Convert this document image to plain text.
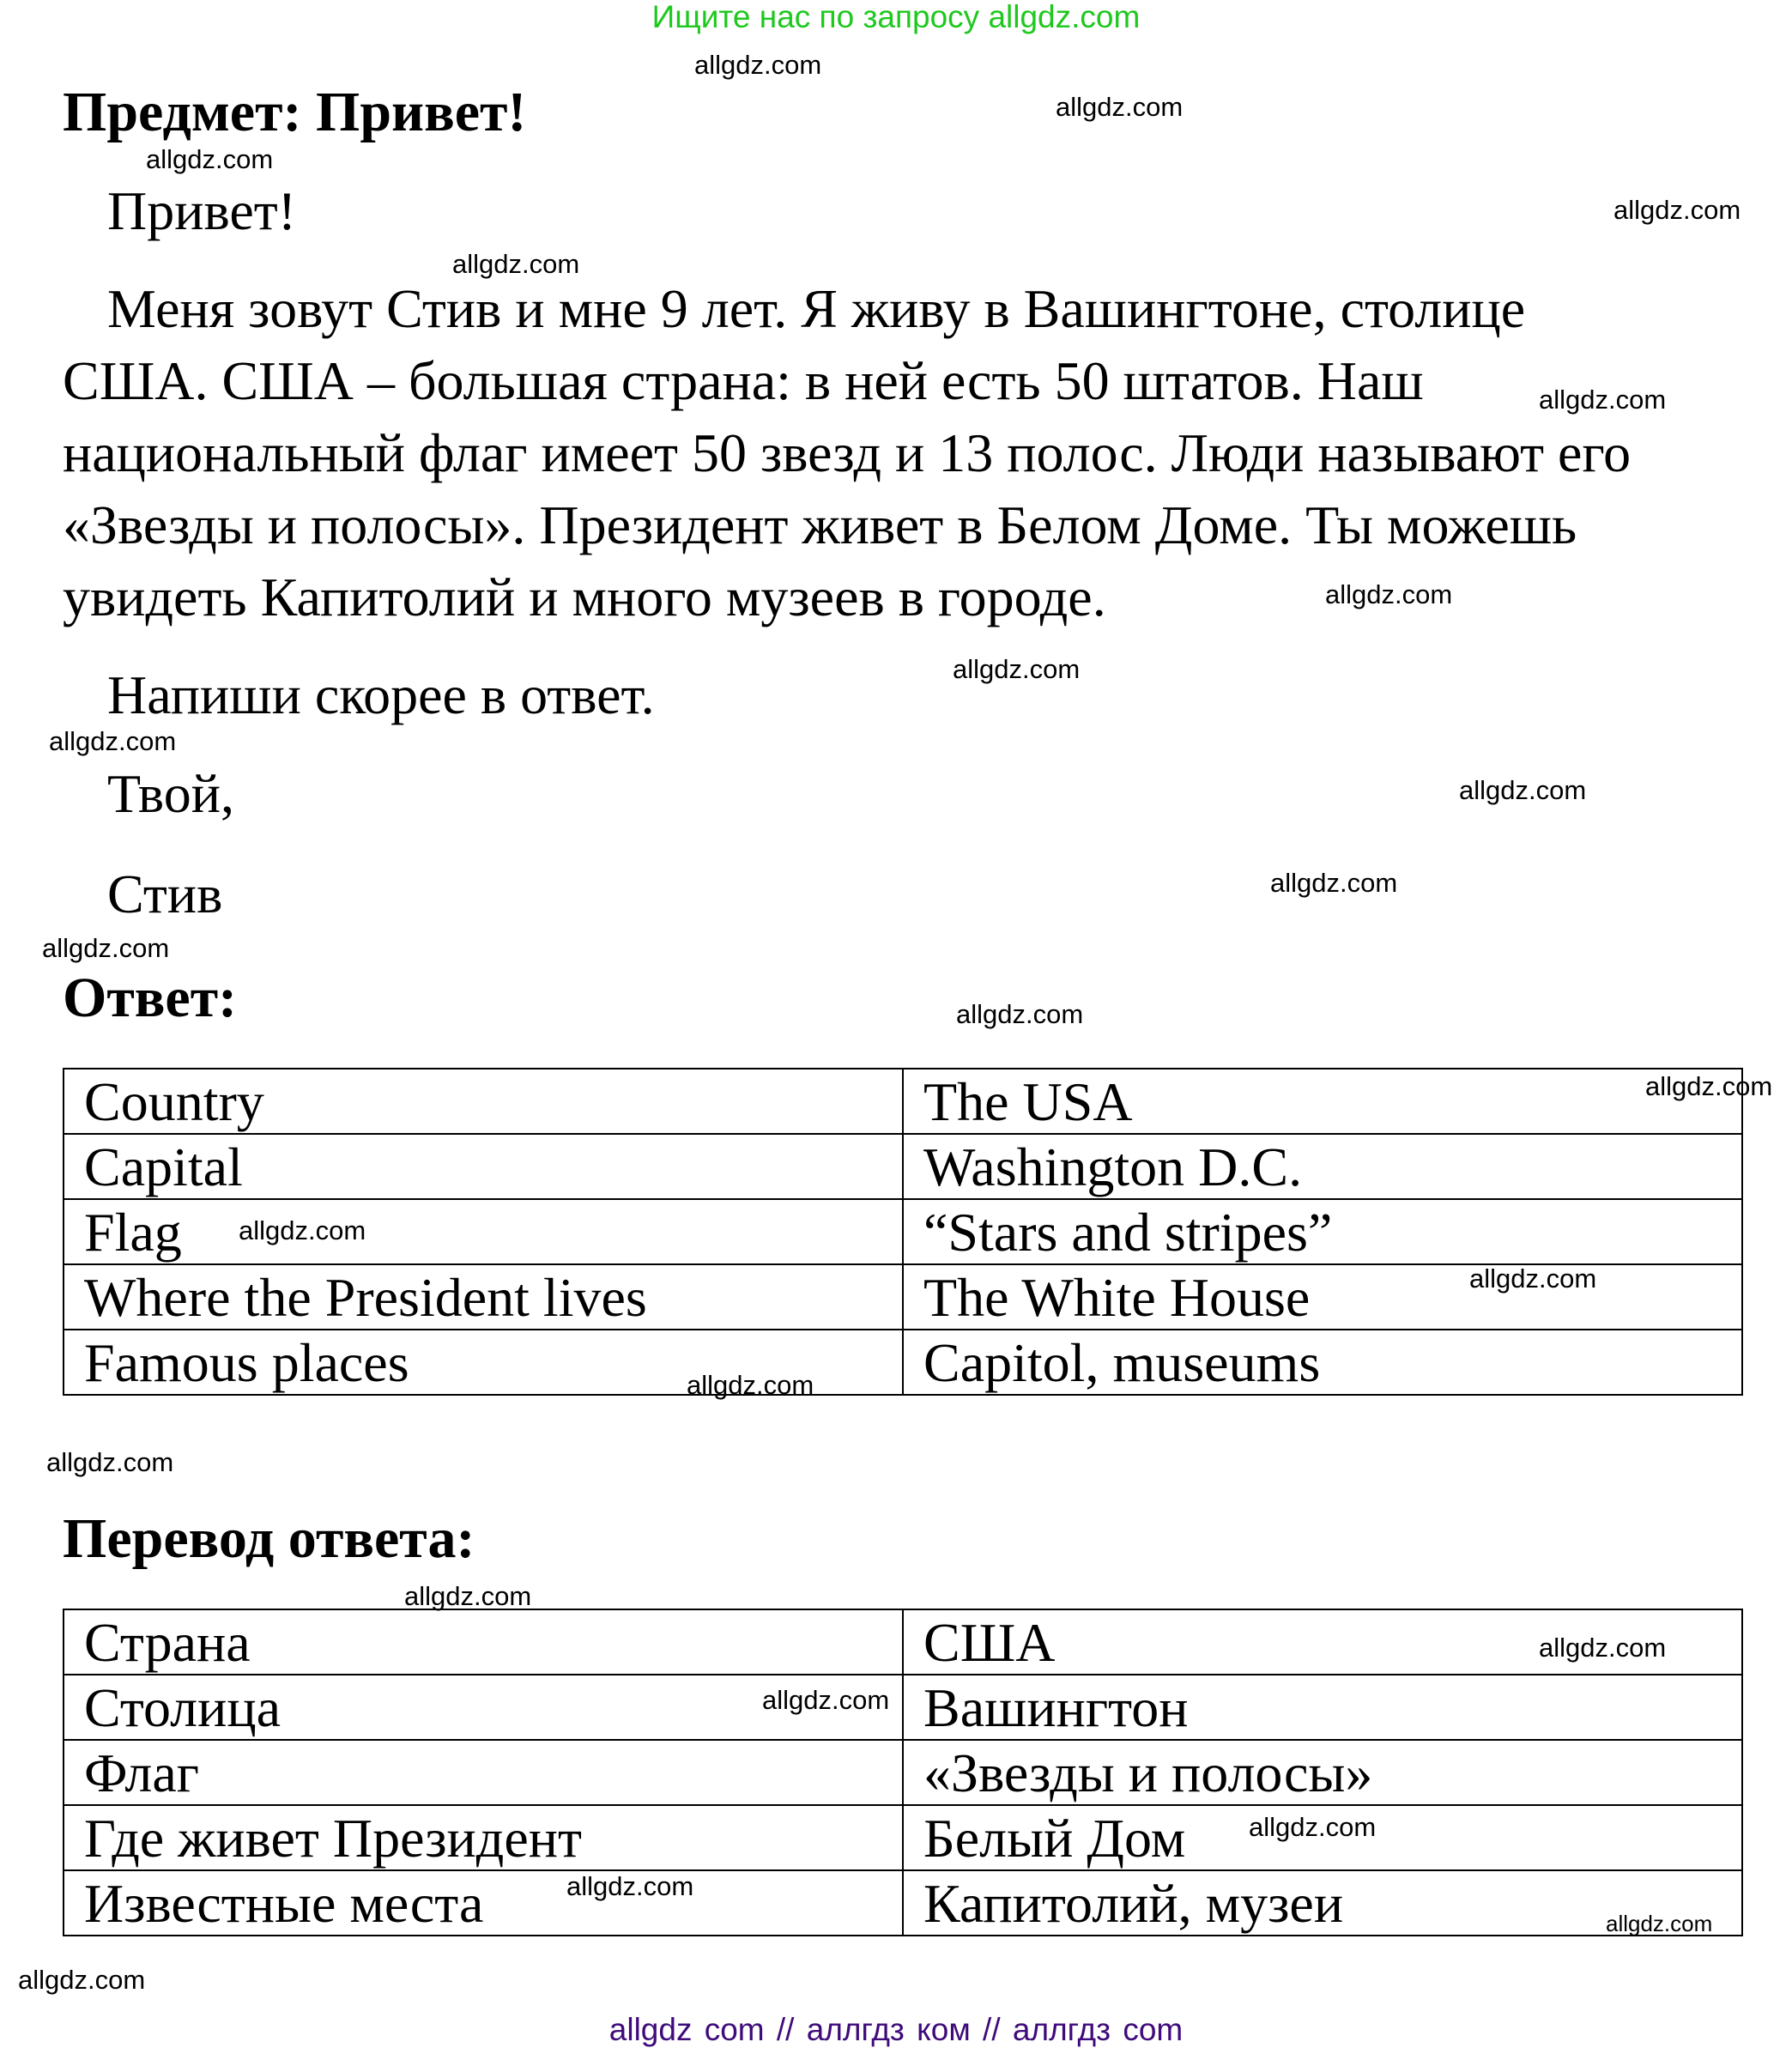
Ищите нас по запросу allgdz.com
Предмет: Привет!
Привет!
Меня зовут Стив и мне 9 лет. Я живу в Вашингтоне, столице
США. США – большая страна: в ней есть 50 штатов. Наш
национальный флаг имеет 50 звезд и 13 полос. Люди называют его
«Звезды и полосы». Президент живет в Белом Доме. Ты можешь
увидеть Капитолий и много музеев в городе.
Напиши скорее в ответ.
Твой,
Стив
Ответ:
Country	The USA
Capital	Washington D.C.
Flag	“Stars and stripes”
Where the President lives	The White House
Famous places	Capitol, museums
Перевод ответа:
Страна	США
Столица	Вашингтон
Флаг	«Звезды и полосы»
Где живет Президент	Белый Дом
Известные места	Капитолий, музеи
allgdz.com
allgdz.com
allgdz.com
allgdz.com
allgdz.com
allgdz.com
allgdz.com
allgdz.com
allgdz.com
allgdz.com
allgdz.com
allgdz.com
allgdz.com
allgdz.com
allgdz.com
allgdz.com
allgdz.com
allgdz.com
allgdz.com
allgdz.com
allgdz.com
allgdz.com
allgdz.com
allgdz.com
allgdz.com
allgdz com // аллгдз ком // аллгдз com
